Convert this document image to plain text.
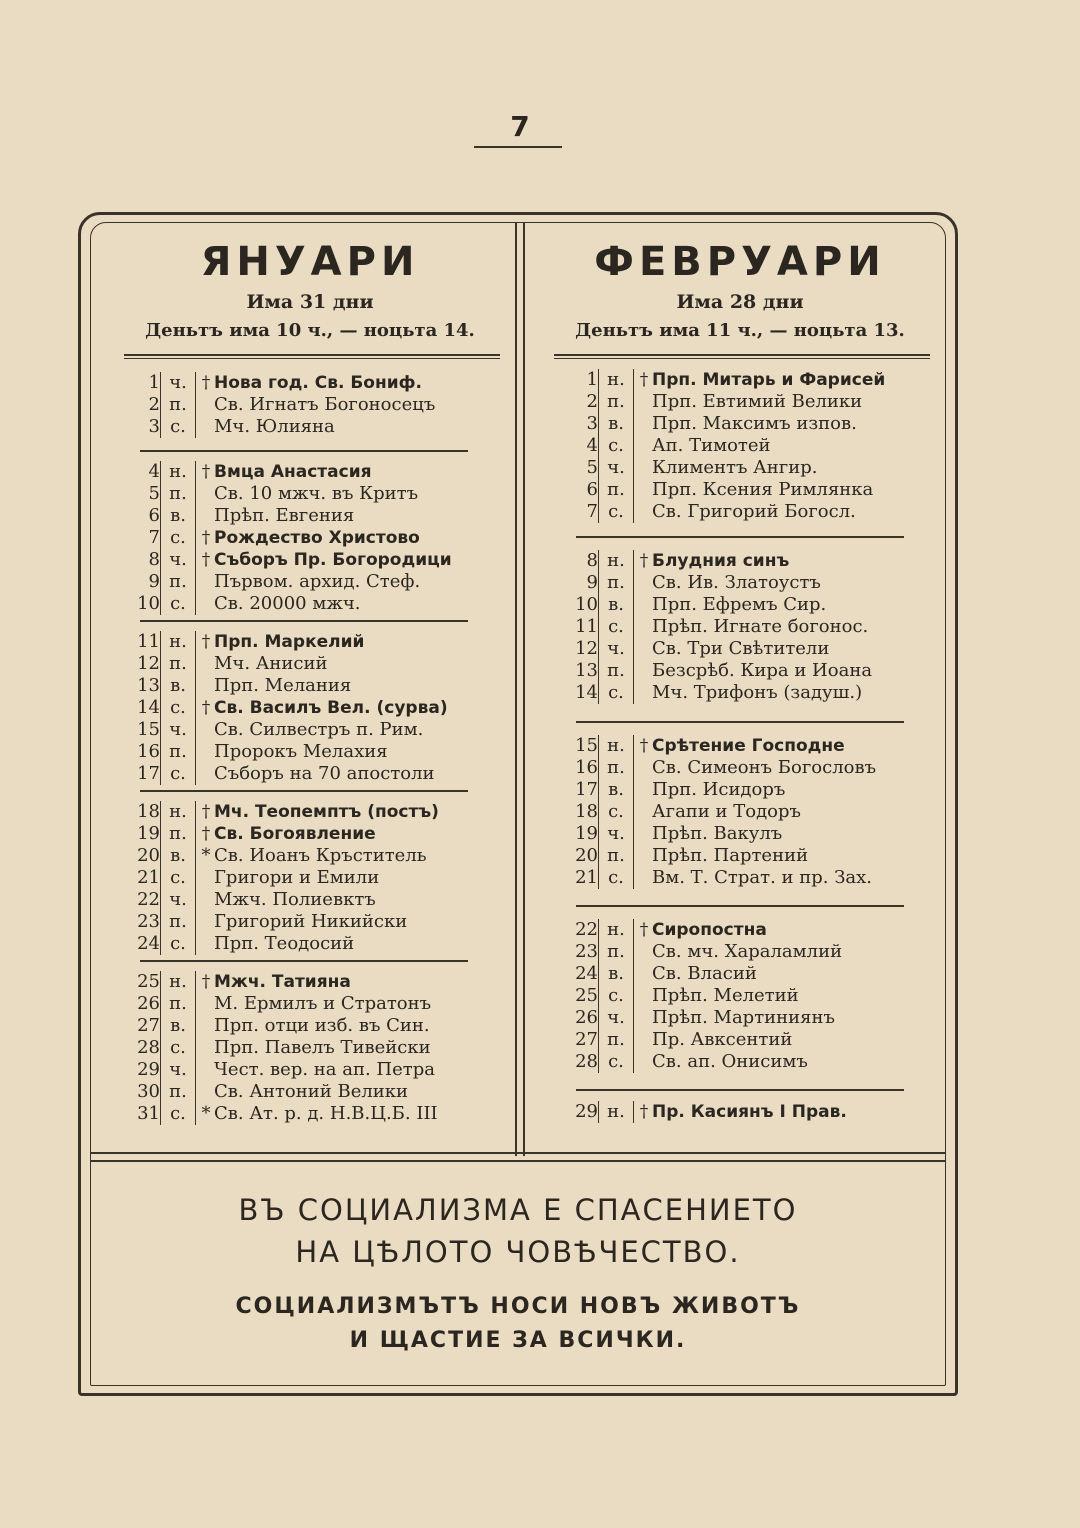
7
ЯНУАРИ
Има 31 дни
Деньтъ има 10 ч., — ноцьта 14.
ФЕВРУАРИ
Има 28 дни
Деньтъ има 11 ч., — ноцьта 13.
1 ч. † Нова год. Св. Бониф.
2 п.	Св. Игнатъ Богоносецъ
3 с.	Мч. Юлияна
4 н. † Вмца Анастасия
5 п.	Св. 10 мжч. въ Критъ
6 в.	Прѣп. Евгения
7 с. † Рождество Христово
8 ч. † Съборъ Пр. Богородици
9 п.	Първом. архид. Стеф.
10 с.	Св. 20000 мжч.
11 н. † Прп. Маркелий
12 п.	Мч. Анисий
13 в.	Прп. Мелания
14 с. † Св. Василъ Вел. (сурва)
15 ч.	Св. Силвестръ п. Рим.
16 п.	Пророкъ Мелахия
17 с.	Съборъ на 70 апостоли
18 н. † Мч. Теопемптъ (постъ)
19 п. † Св. Богоявление
20 в. * Св. Иоанъ Кръститель
21 с.	Григори и Емили
22 ч.	Мжч. Полиевктъ
23 п.	Григорий Никийски
24 с.	Прп. Теодосий
25 н. † Мжч. Татияна
26 п.	М. Ермилъ и Стратонъ
27 в.	Прп. отци изб. въ Син.
28 с.	Прп. Павелъ Тивейски
29 ч.	Чест. вер. на ап. Петра
30 п.	Св. Антоний Велики
31 с. * Св. Ат. р. д. Н.В.Ц.Б. III
1 н. † Прп. Митарь и Фарисей
2 п.	Прп. Евтимий Велики
3 в.	Прп. Максимъ изпов.
4 с.	Ап. Тимотей
5 ч.	Климентъ Ангир.
6 п.	Прп. Ксения Римлянка
7 с.	Св. Григорий Богосл.
8 н. † Блудния синъ
9 п.	Св. Ив. Златоустъ
10 в.	Прп. Ефремъ Сир.
11 с.	Прѣп. Игнате богонос.
12 ч.	Св. Три Свѣтители
13 п.	Безсрѣб. Кира и Иоана
14 с.	Мч. Трифонъ (задуш.)
15 н. † Срѣтение Господне
16 п.	Св. Симеонъ Богословъ
17 в.	Прп. Исидоръ
18 с.	Агапи и Тодоръ
19 ч.	Прѣп. Вакулъ
20 п.	Прѣп. Партений
21 с.	Вм. Т. Страт. и пр. Зах.
22 н. † Сиропостна
23 п.	Св. мч. Хараламлий
24 в.	Св. Власий
25 с.	Прѣп. Мелетий
26 ч.	Прѣп. Мартиниянъ
27 п.	Пр. Авксентий
28 с.	Св. ап. Онисимъ
29 н. † Пр. Касиянъ I Прав.
ВЪ СОЦИАЛИЗМА Е СПАСЕНИЕТО
НА ЦѢЛОТО ЧОВѢЧЕСТВО.
СОЦИАЛИЗМЪТЪ НОСИ НОВЪ ЖИВОТЪ
И ЩАСТИЕ ЗА ВСИЧКИ.
